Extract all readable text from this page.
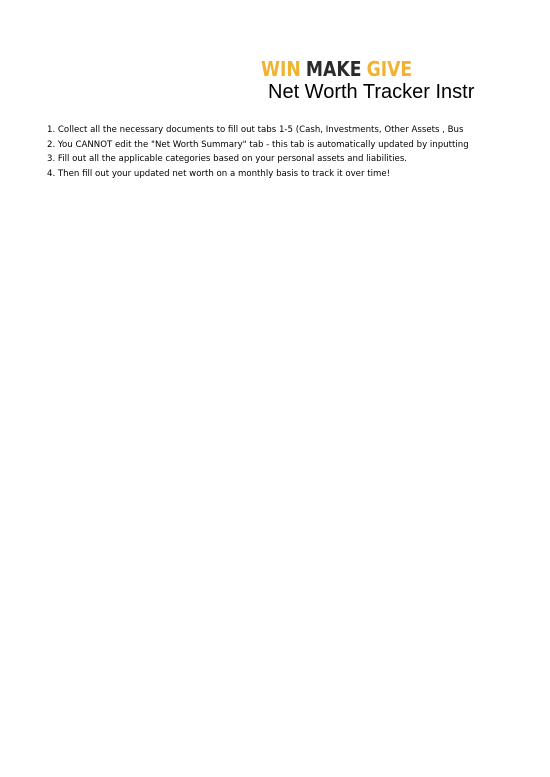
WIN MAKE GIVE
Net Worth Tracker Instr
1. Collect all the necessary documents to fill out tabs 1-5 (Cash, Investments, Other Assets , Bus
2. You CANNOT edit the "Net Worth Summary" tab - this tab is automatically updated by inputting
3. Fill out all the applicable categories based on your personal assets and liabilities.
4. Then fill out your updated net worth on a monthly basis to track it over time!
